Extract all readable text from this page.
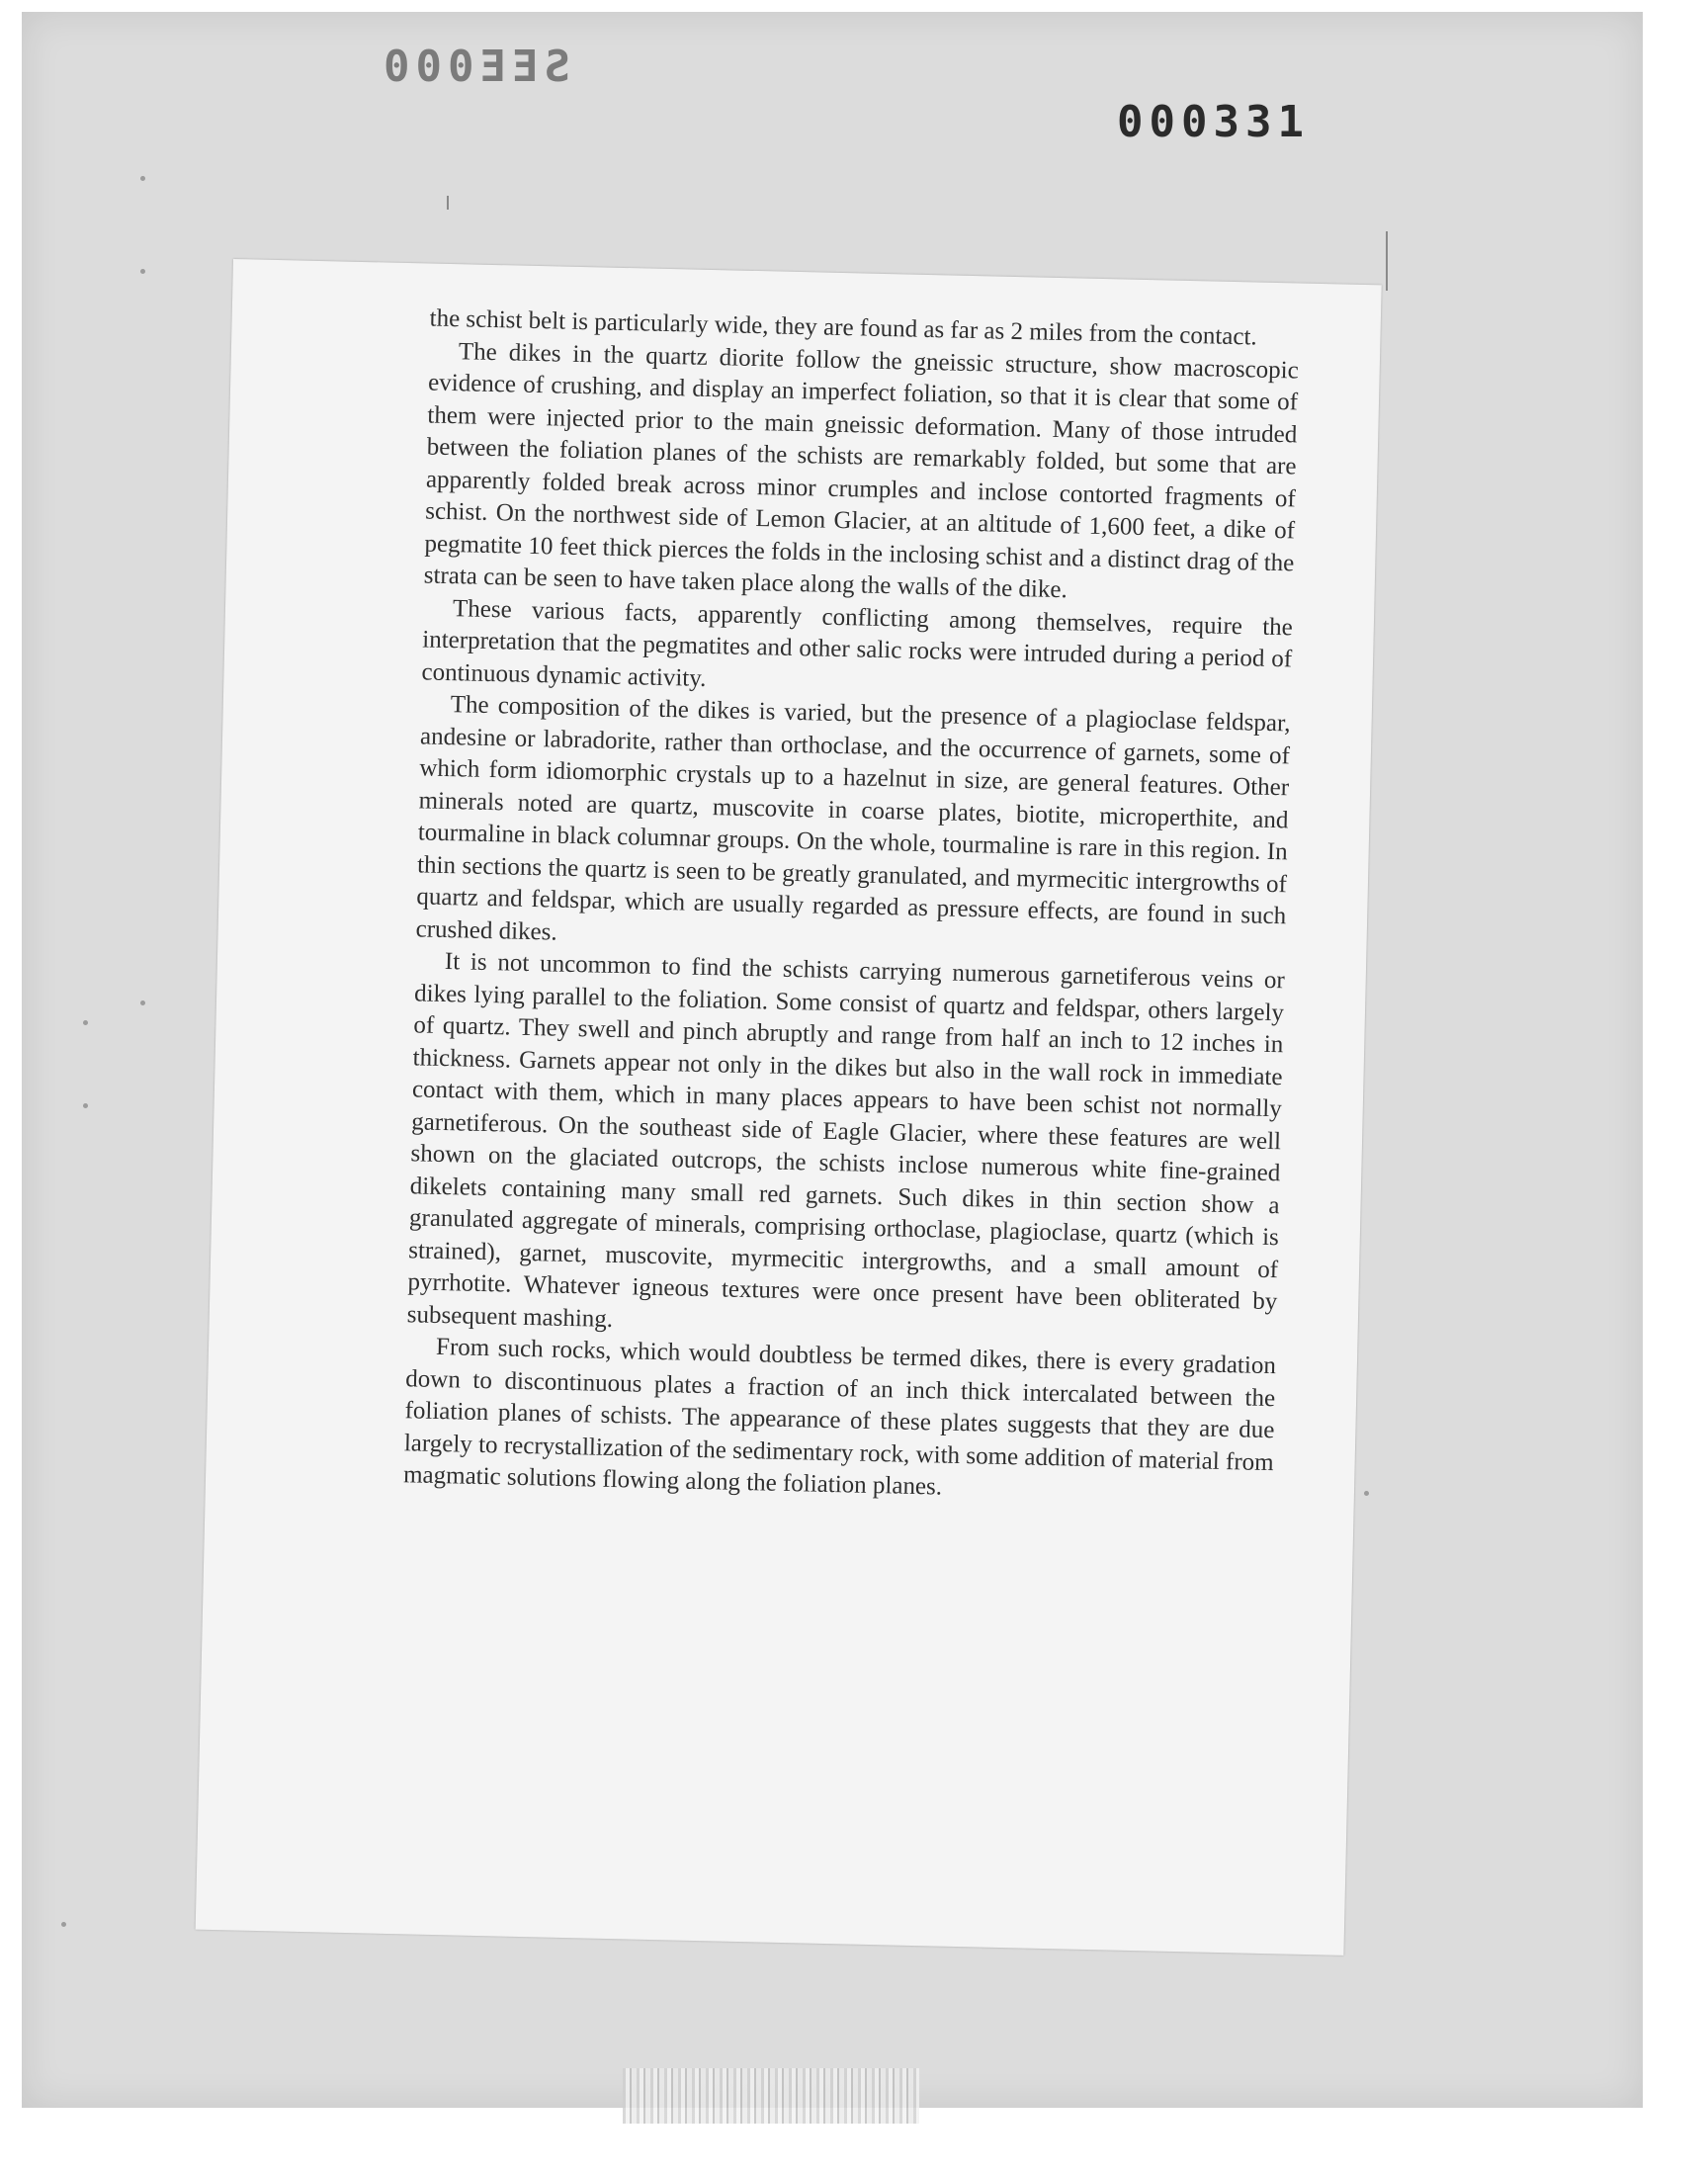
SEE000
000331

the schist belt is particularly wide, they are found as far as 2 miles from the contact.

The dikes in the quartz diorite follow the gneissic structure, show macroscopic evidence of crushing, and display an imperfect foliation, so that it is clear that some of them were injected prior to the main gneissic deformation. Many of those intruded between the foliation planes of the schists are remarkably folded, but some that are apparently folded break across minor crumples and inclose contorted fragments of schist. On the northwest side of Lemon Glacier, at an altitude of 1,600 feet, a dike of pegmatite 10 feet thick pierces the folds in the inclosing schist and a distinct drag of the strata can be seen to have taken place along the walls of the dike.

These various facts, apparently conflicting among themselves, require the interpretation that the pegmatites and other salic rocks were intruded during a period of continuous dynamic activity.

The composition of the dikes is varied, but the presence of a plagioclase feldspar, andesine or labradorite, rather than orthoclase, and the occurrence of garnets, some of which form idiomorphic crystals up to a hazelnut in size, are general features. Other minerals noted are quartz, muscovite in coarse plates, biotite, microperthite, and tourmaline in black columnar groups. On the whole, tourmaline is rare in this region. In thin sections the quartz is seen to be greatly granulated, and myrmecitic intergrowths of quartz and feldspar, which are usually regarded as pressure effects, are found in such crushed dikes.

It is not uncommon to find the schists carrying numerous garnetiferous veins or dikes lying parallel to the foliation. Some consist of quartz and feldspar, others largely of quartz. They swell and pinch abruptly and range from half an inch to 12 inches in thickness. Garnets appear not only in the dikes but also in the wall rock in immediate contact with them, which in many places appears to have been schist not normally garnetiferous. On the southeast side of Eagle Glacier, where these features are well shown on the glaciated outcrops, the schists inclose numerous white fine-grained dikelets containing many small red garnets. Such dikes in thin section show a granulated aggregate of minerals, comprising orthoclase, plagioclase, quartz (which is strained), garnet, muscovite, myrmecitic intergrowths, and a small amount of pyrrhotite. Whatever igneous textures were once present have been obliterated by subsequent mashing.

From such rocks, which would doubtless be termed dikes, there is every gradation down to discontinuous plates a fraction of an inch thick intercalated between the foliation planes of schists. The appearance of these plates suggests that they are due largely to recrystallization of the sedimentary rock, with some addition of material from magmatic solutions flowing along the foliation planes.
